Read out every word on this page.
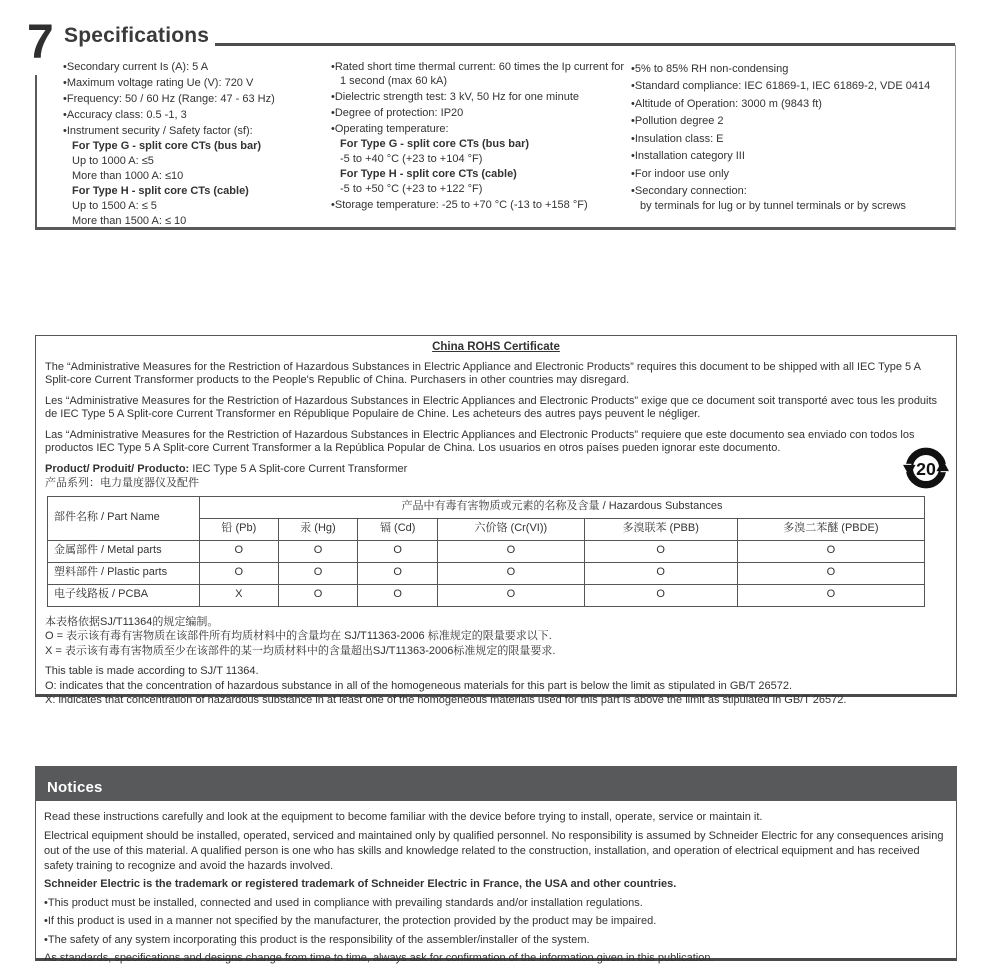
7 Specifications
• Secondary current Is (A): 5 A
• Maximum voltage rating Ue (V): 720 V
• Frequency: 50 / 60 Hz (Range: 47 - 63 Hz)
• Accuracy class: 0.5 -1, 3
• Instrument security / Safety factor (sf):
For Type G - split core CTs (bus bar)
Up to 1000 A: ≤5
More than 1000 A: ≤10
For Type H - split core CTs (cable)
Up to 1500 A: ≤ 5
More than 1500 A: ≤ 10
• Rated short time thermal current: 60 times the Ip current for 1 second (max 60 kA)
• Dielectric strength test: 3 kV, 50 Hz for one minute
• Degree of protection: IP20
• Operating temperature:
For Type G - split core CTs (bus bar)
-5 to +40 °C (+23 to +104 °F)
For Type H - split core CTs (cable)
-5 to +50 °C (+23 to +122 °F)
• Storage temperature: -25 to +70 °C (-13 to +158 °F)
• 5% to 85% RH non-condensing
• Standard compliance: IEC 61869-1, IEC 61869-2, VDE 0414
• Altitude of Operation: 3000 m (9843 ft)
• Pollution degree 2
• Insulation class: E
• Installation category III
• For indoor use only
• Secondary connection:
by terminals for lug or by tunnel terminals or by screws
China ROHS Certificate
The “Administrative Measures for the Restriction of Hazardous Substances in Electric Appliance and Electronic Products” requires this document to be shipped with all IEC Type 5 A Split-core Current Transformer products to the People's Republic of China. Purchasers in other countries may disregard.
Les “Administrative Measures for the Restriction of Hazardous Substances in Electric Appliances and Electronic Products” exige que ce document soit transporté avec tous les produits de IEC Type 5 A Split-core Current Transformer en République Populaire de Chine. Les acheteurs des autres pays peuvent le négliger.
Las “Administrative Measures for the Restriction of Hazardous Substances in Electric Appliances and Electronic Products” requiere que este documento sea enviado con todos los productos IEC Type 5 A Split-core Current Transformer a la República Popular de China. Los usuarios en otros países pueden ignorar este documento.
Product/ Produit/ Producto: IEC Type 5 A Split-core Current Transformer
产品系列：电力量度器仪及配件
20
部件名称 / Part Name	产品中有毒有害物质或元素的名称及含量 / Hazardous Substances					
	铅 (Pb)	汞 (Hg)	镉 (Cd)	六价铬 (Cr(VI))	多溴联苯 (PBB)	多溴二苯醚 (PBDE)
金属部件 / Metal parts	O	O	O	O	O	O
塑料部件 / Plastic parts	O	O	O	O	O	O
电子线路板 / PCBA	X	O	O	O	O	O
本表格依据SJ/T11364的规定编制。
O = 表示该有毒有害物质在该部件所有均质材料中的含量均在 SJ/T11363-2006 标准规定的限量要求以下.
X = 表示该有毒有害物质至少在该部件的某一均质材料中的含量超出SJ/T11363-2006标准规定的限量要求.
This table is made according to SJ/T 11364.
O: indicates that the concentration of hazardous substance in all of the homogeneous materials for this part is below the limit as stipulated in GB/T 26572.
X: indicates that concentration of hazardous substance in at least one of the homogeneous materials used for this part is above the limit as stipulated in GB/T 26572.
Notices
Read these instructions carefully and look at the equipment to become familiar with the device before trying to install, operate, service or maintain it.
Electrical equipment should be installed, operated, serviced and maintained only by qualified personnel. No responsibility is assumed by Schneider Electric for any consequences arising out of the use of this material. A qualified person is one who has skills and knowledge related to the construction, installation, and operation of electrical equipment and has received safety training to recognize and avoid the hazards involved.
Schneider Electric is the trademark or registered trademark of Schneider Electric in France, the USA and other countries.
•This product must be installed, connected and used in compliance with prevailing standards and/or installation regulations.
•If this product is used in a manner not specified by the manufacturer, the protection provided by the product may be impaired.
•The safety of any system incorporating this product is the responsibility of the assembler/installer of the system.
As standards, specifications and designs change from time to time, always ask for confirmation of the information given in this publication.
